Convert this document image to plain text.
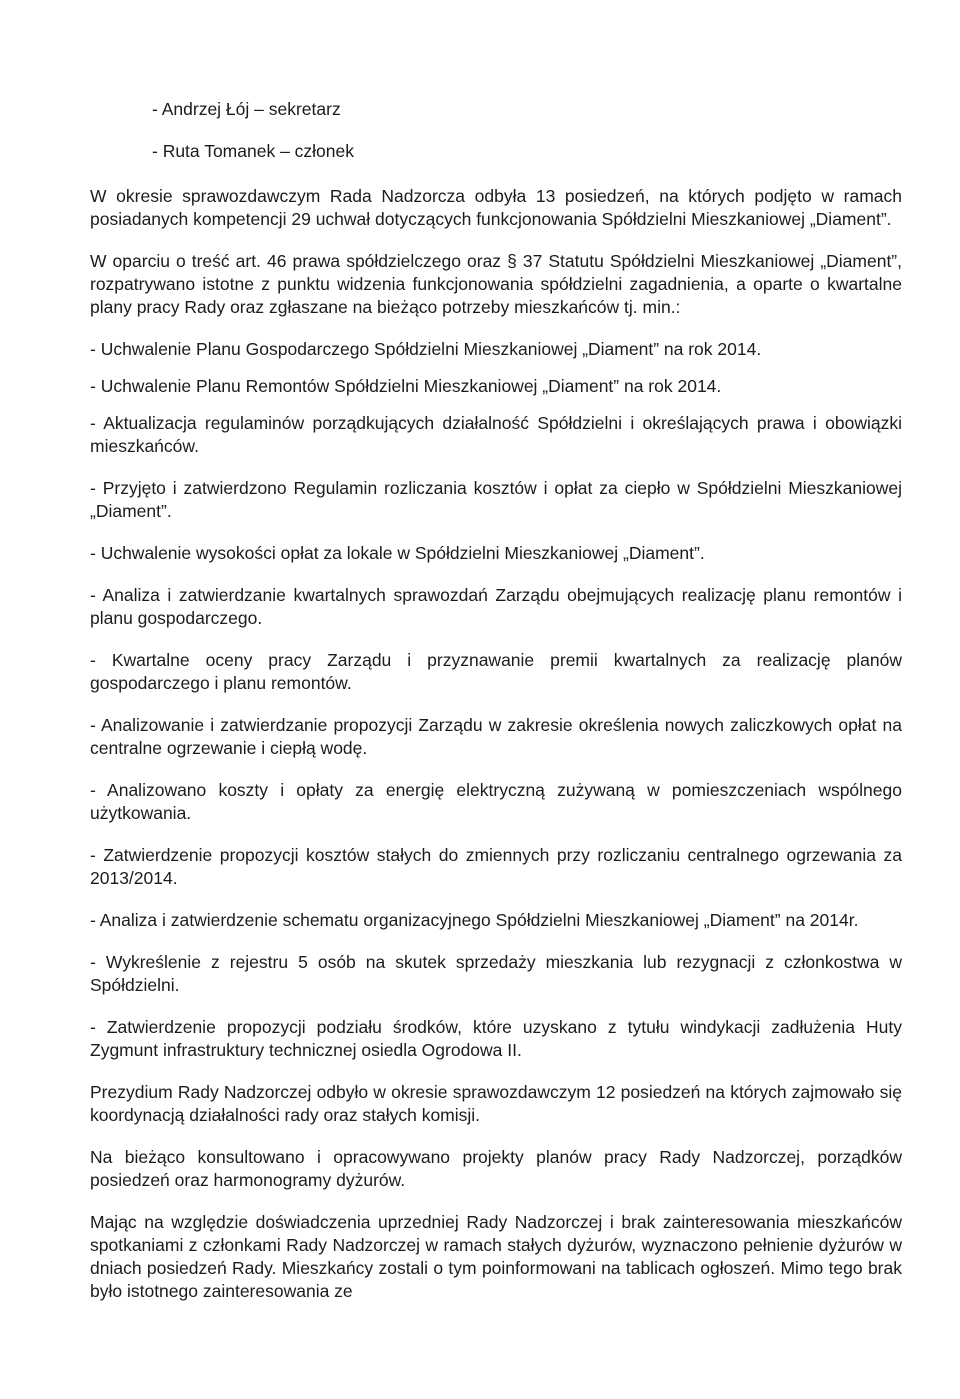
- Andrzej Łój – sekretarz
- Ruta Tomanek – członek

W okresie sprawozdawczym Rada Nadzorcza odbyła 13 posiedzeń, na których podjęto w ramach posiadanych kompetencji 29 uchwał dotyczących funkcjonowania Spółdzielni Mieszkaniowej „Diament”.

W oparciu o treść art. 46 prawa spółdzielczego oraz § 37 Statutu Spółdzielni Mieszkaniowej „Diament”, rozpatrywano istotne z punktu widzenia funkcjonowania spółdzielni zagadnienia, a oparte o kwartalne plany pracy Rady oraz zgłaszane na bieżąco potrzeby mieszkańców tj. min.:

- Uchwalenie Planu Gospodarczego Spółdzielni Mieszkaniowej „Diament” na rok 2014.

- Uchwalenie Planu Remontów Spółdzielni Mieszkaniowej „Diament” na rok 2014.

- Aktualizacja regulaminów porządkujących działalność Spółdzielni i określających prawa i obowiązki mieszkańców.

- Przyjęto i zatwierdzono Regulamin rozliczania kosztów i opłat za ciepło w Spółdzielni Mieszkaniowej „Diament”.

- Uchwalenie wysokości opłat za lokale w Spółdzielni Mieszkaniowej „Diament”.

- Analiza i zatwierdzanie kwartalnych sprawozdań Zarządu obejmujących realizację planu remontów i planu gospodarczego.

- Kwartalne oceny pracy Zarządu i przyznawanie premii kwartalnych za realizację planów gospodarczego i planu remontów.

- Analizowanie i zatwierdzanie propozycji Zarządu w zakresie określenia nowych zaliczkowych opłat na centralne ogrzewanie i ciepłą wodę.

- Analizowano koszty i opłaty za energię elektryczną zużywaną w pomieszczeniach wspólnego użytkowania.

- Zatwierdzenie propozycji kosztów stałych do zmiennych przy rozliczaniu centralnego ogrzewania za 2013/2014.

- Analiza i zatwierdzenie schematu organizacyjnego Spółdzielni Mieszkaniowej „Diament” na 2014r.

- Wykreślenie z rejestru 5 osób na skutek sprzedaży mieszkania lub rezygnacji z członkostwa w Spółdzielni.

- Zatwierdzenie propozycji podziału środków, które uzyskano z tytułu windykacji zadłużenia Huty Zygmunt infrastruktury technicznej osiedla Ogrodowa II.

Prezydium Rady Nadzorczej odbyło w okresie sprawozdawczym 12 posiedzeń na których zajmowało się koordynacją działalności rady oraz stałych komisji.

Na bieżąco konsultowano i opracowywano projekty planów pracy Rady Nadzorczej, porządków posiedzeń oraz harmonogramy dyżurów.

Mając na względzie doświadczenia uprzedniej Rady Nadzorczej i brak zainteresowania mieszkańców spotkaniami z członkami Rady Nadzorczej w ramach stałych dyżurów, wyznaczono pełnienie dyżurów w dniach posiedzeń Rady. Mieszkańcy zostali o tym poinformowani na tablicach ogłoszeń. Mimo tego brak było istotnego zainteresowania ze
